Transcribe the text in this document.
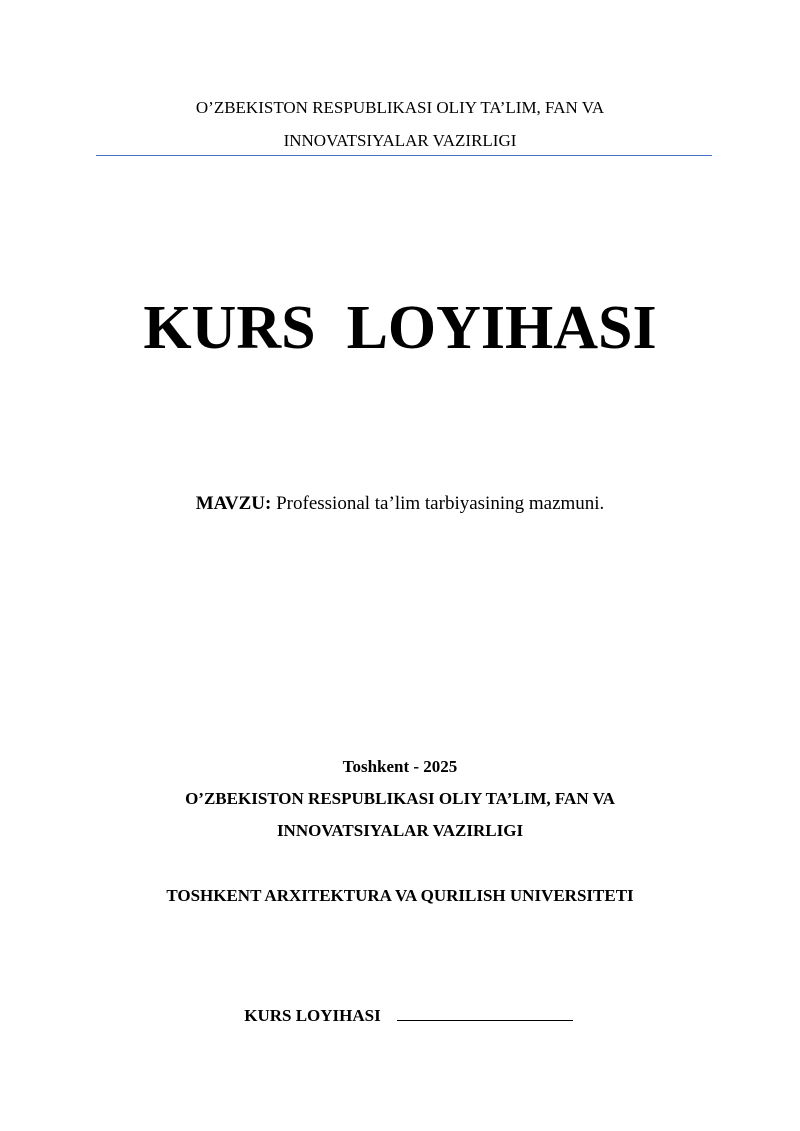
O’ZBEKISTON RESPUBLIKASI OLIY TA’LIM, FAN VA
INNOVATSIYALAR VAZIRLIGI
KURS  LOYIHASI
MAVZU: Professional ta’lim tarbiyasining mazmuni.
Toshkent - 2025
O’ZBEKISTON RESPUBLIKASI OLIY TA’LIM, FAN VA
INNOVATSIYALAR VAZIRLIGI
TOSHKENT ARXITEKTURA VA QURILISH UNIVERSITETI

KURS LOYIHASI
